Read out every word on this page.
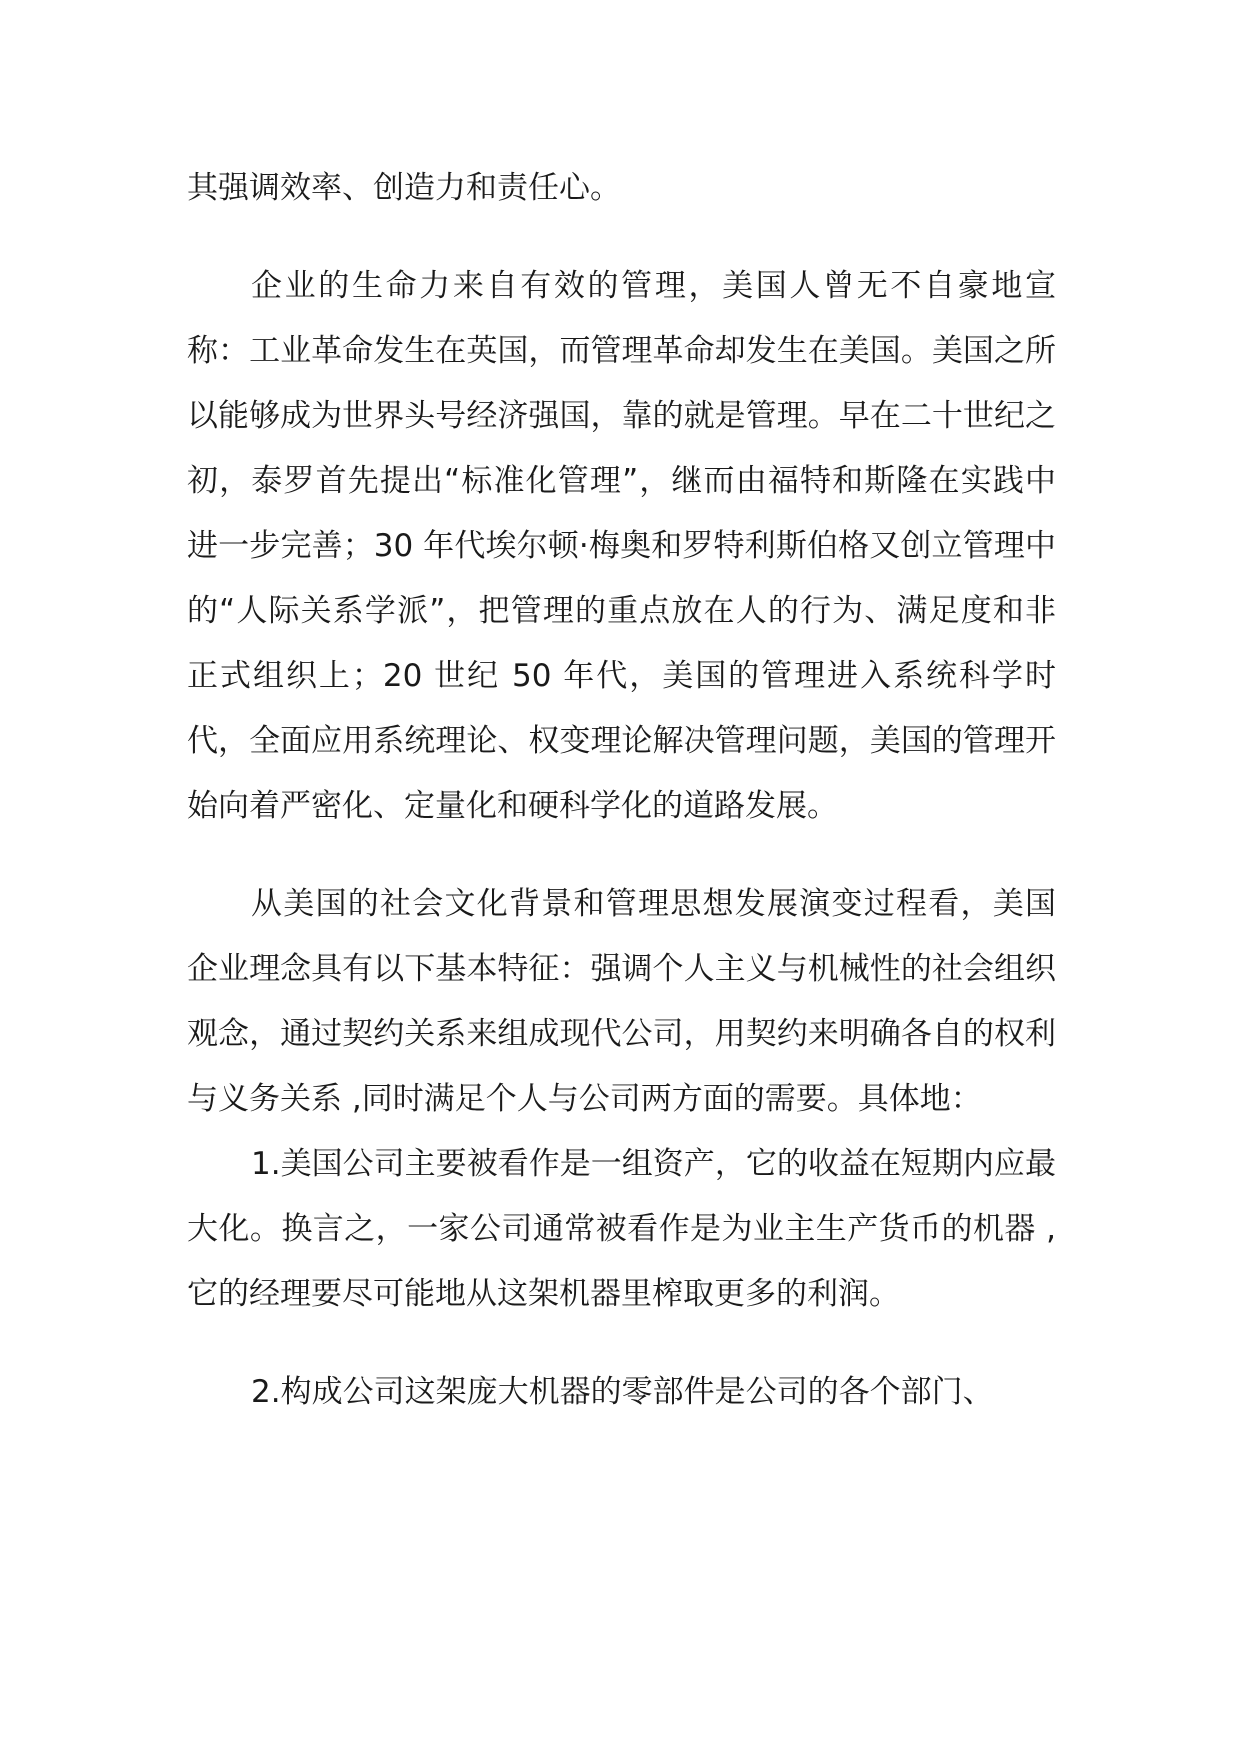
其强调效率、创造力和责任心。

企业的生命力来自有效的管理，美国人曾无不自豪地宣称：工业革命发生在英国，而管理革命却发生在美国。美国之所以能够成为世界头号经济强国，靠的就是管理。早在二十世纪之初，泰罗首先提出“标准化管理”，继而由福特和斯隆在实践中进一步完善；30 年代埃尔顿·梅奥和罗特利斯伯格又创立管理中的“人际关系学派”，把管理的重点放在人的行为、满足度和非正式组织上；20 世纪 50 年代，美国的管理进入系统科学时代，全面应用系统理论、权变理论解决管理问题，美国的管理开始向着严密化、定量化和硬科学化的道路发展。

从美国的社会文化背景和管理思想发展演变过程看，美国企业理念具有以下基本特征：强调个人主义与机械性的社会组织观念，通过契约关系来组成现代公司，用契约来明确各自的权利与义务关系 ,同时满足个人与公司两方面的需要。具体地：

1.美国公司主要被看作是一组资产，它的收益在短期内应最大化。换言之，一家公司通常被看作是为业主生产货币的机器 ,它的经理要尽可能地从这架机器里榨取更多的利润。

2.构成公司这架庞大机器的零部件是公司的各个部门、
